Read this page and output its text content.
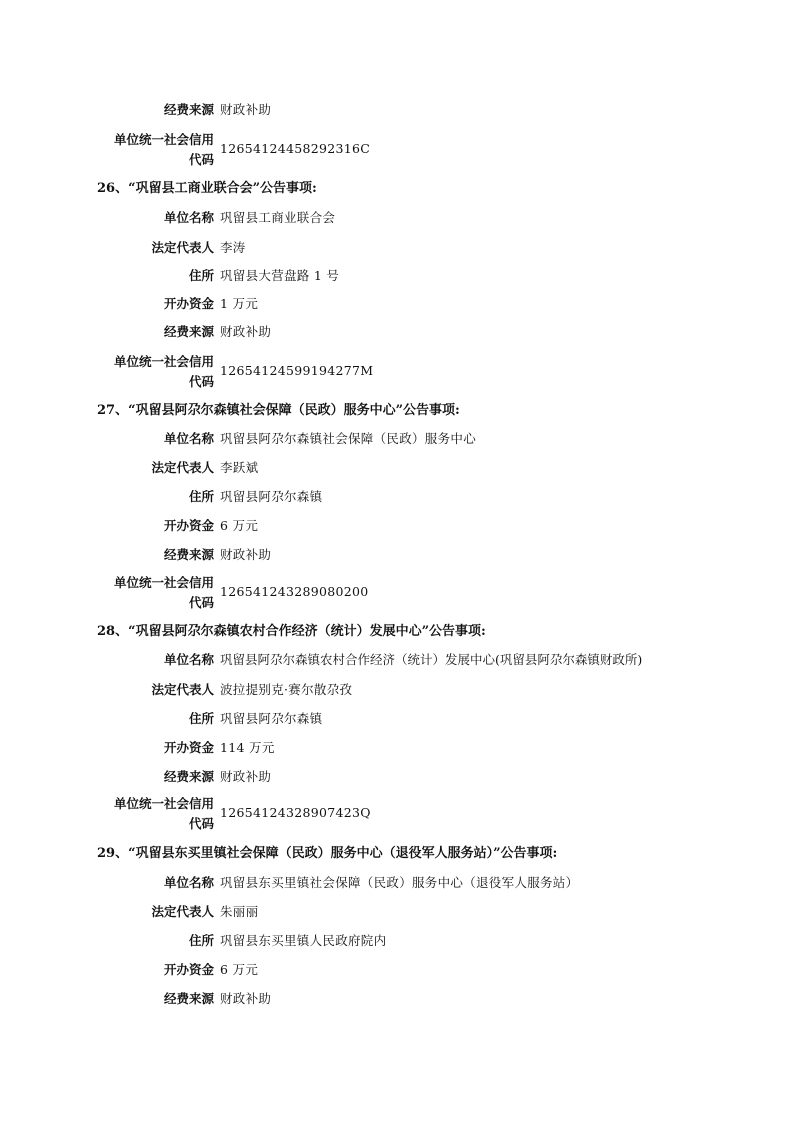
经费来源 财政补助
单位统一社会信用
代码
12654124458292316C
26、“巩留县工商业联合会”公告事项:
单位名称 巩留县工商业联合会
法定代表人 李涛
住所 巩留县大营盘路 1 号
开办资金 1 万元
经费来源 财政补助
单位统一社会信用
代码
12654124599194277M
27、“巩留县阿尕尔森镇社会保障（民政）服务中心”公告事项:
单位名称 巩留县阿尕尔森镇社会保障（民政）服务中心
法定代表人 李跃斌
住所 巩留县阿尕尔森镇
开办资金 6 万元
经费来源 财政补助
单位统一社会信用
代码
126541243289080200
28、“巩留县阿尕尔森镇农村合作经济（统计）发展中心”公告事项:
单位名称 巩留县阿尕尔森镇农村合作经济（统计）发展中心(巩留县阿尕尔森镇财政所)
法定代表人 波拉提别克·赛尔散尕孜
住所 巩留县阿尕尔森镇
开办资金 114 万元
经费来源 财政补助
单位统一社会信用
代码
12654124328907423Q
29、“巩留县东买里镇社会保障（民政）服务中心（退役军人服务站）”公告事项:
单位名称 巩留县东买里镇社会保障（民政）服务中心（退役军人服务站）
法定代表人 朱丽丽
住所 巩留县东买里镇人民政府院内
开办资金 6 万元
经费来源 财政补助
